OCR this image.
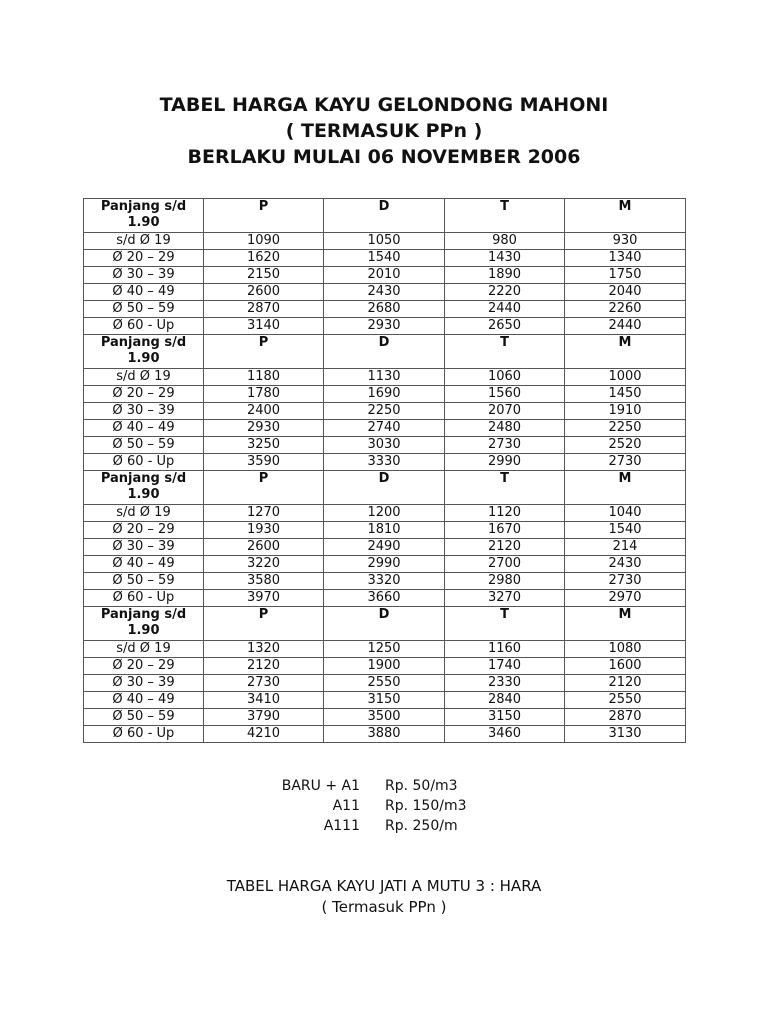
TABEL HARGA KAYU GELONDONG MAHONI
( TERMASUK PPn )
BERLAKU MULAI 06 NOVEMBER 2006
Panjang s/d 1.90	P	D	T	M
s/d Ø 19	1090	1050	980	930
Ø 20 – 29	1620	1540	1430	1340
Ø 30 – 39	2150	2010	1890	1750
Ø 40 – 49	2600	2430	2220	2040
Ø 50 – 59	2870	2680	2440	2260
Ø 60 - Up	3140	2930	2650	2440
Panjang s/d 1.90	P	D	T	M
s/d Ø 19	1180	1130	1060	1000
Ø 20 – 29	1780	1690	1560	1450
Ø 30 – 39	2400	2250	2070	1910
Ø 40 – 49	2930	2740	2480	2250
Ø 50 – 59	3250	3030	2730	2520
Ø 60 - Up	3590	3330	2990	2730
Panjang s/d 1.90	P	D	T	M
s/d Ø 19	1270	1200	1120	1040
Ø 20 – 29	1930	1810	1670	1540
Ø 30 – 39	2600	2490	2120	214
Ø 40 – 49	3220	2990	2700	2430
Ø 50 – 59	3580	3320	2980	2730
Ø 60 - Up	3970	3660	3270	2970
Panjang s/d 1.90	P	D	T	M
s/d Ø 19	1320	1250	1160	1080
Ø 20 – 29	2120	1900	1740	1600
Ø 30 – 39	2730	2550	2330	2120
Ø 40 – 49	3410	3150	2840	2550
Ø 50 – 59	3790	3500	3150	2870
Ø 60 - Up	4210	3880	3460	3130
BARU + A1 Rp. 50/m3
A11 Rp. 150/m3
A111 Rp. 250/m
TABEL HARGA KAYU JATI A MUTU 3 : HARA
( Termasuk PPn )
